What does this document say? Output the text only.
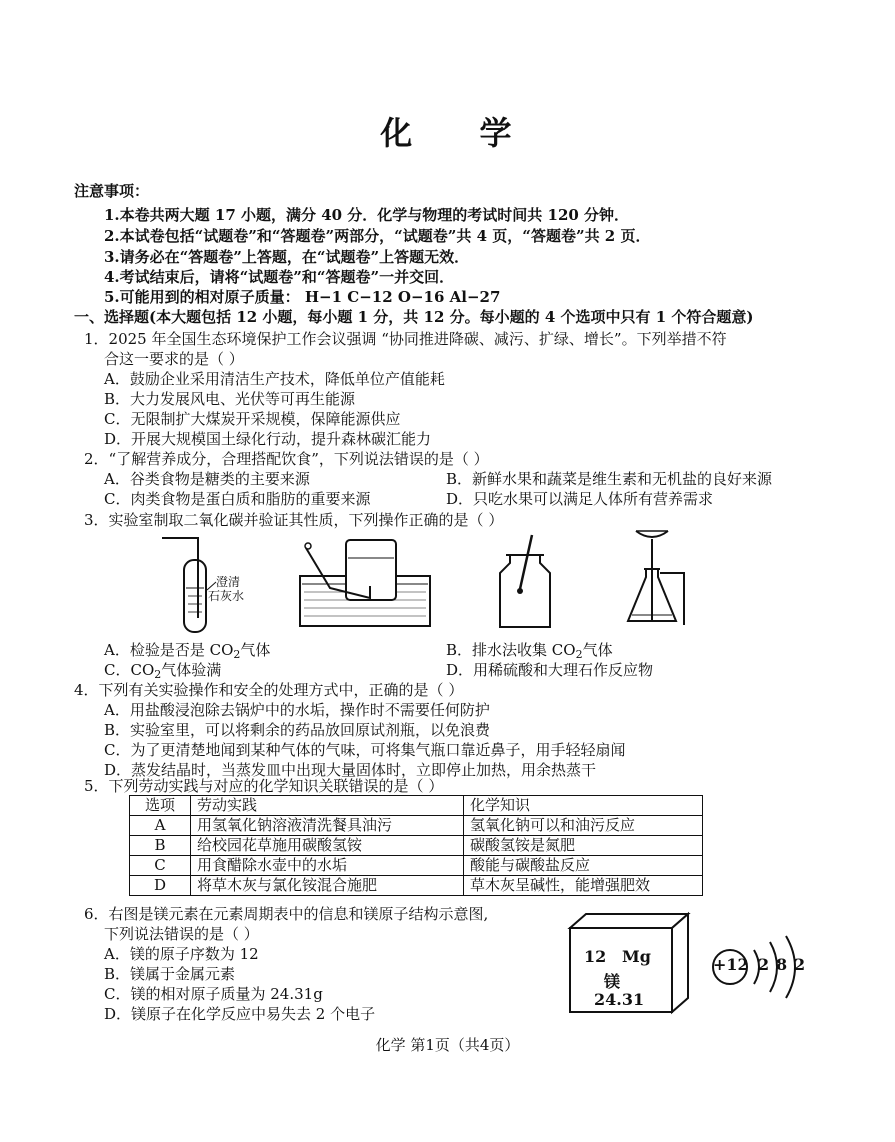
化 学
注意事项：
1.本卷共两大题 17 小题，满分 40 分．化学与物理的考试时间共 120 分钟．
2.本试卷包括“试题卷”和“答题卷”两部分，“试题卷”共 4 页，“答题卷”共 2 页．
3.请务必在“答题卷”上答题，在“试题卷”上答题无效．
4.考试结束后，请将“试题卷”和“答题卷”一并交回．
5.可能用到的相对原子质量： H−1 C−12 O−16 Al−27
一、选择题(本大题包括 12 小题，每小题 1 分，共 12 分。每小题的 4 个选项中只有 1 个符合题意)
1．2025 年全国生态环境保护工作会议强调 “协同推进降碳、减污、扩绿、增长”。下列举措不符
合这一要求的是（ ）
A．鼓励企业采用清洁生产技术，降低单位产值能耗
B．大力发展风电、光伏等可再生能源
C．无限制扩大煤炭开采规模，保障能源供应
D．开展大规模国土绿化行动，提升森林碳汇能力
2．“了解营养成分，合理搭配饮食”，下列说法错误的是（ ）
A．谷类食物是糖类的主要来源	B．新鲜水果和蔬菜是维生素和无机盐的良好来源
C．肉类食物是蛋白质和脂肪的重要来源	D．只吃水果可以满足人体所有营养需求
3．实验室制取二氧化碳并验证其性质，下列操作正确的是（ ）
澄清
石灰水
A．检验是否是 $CO_2$气体	B．排水法收集 $CO_2$气体
C．$CO_2$气体验满	D．用稀硫酸和大理石作反应物
4．下列有关实验操作和安全的处理方式中，正确的是（ ）
A．用盐酸浸泡除去锅炉中的水垢，操作时不需要任何防护
B．实验室里，可以将剩余的药品放回原试剂瓶，以免浪费
C．为了更清楚地闻到某种气体的气味，可将集气瓶口靠近鼻子，用手轻轻扇闻
D．蒸发结晶时，当蒸发皿中出现大量固体时，立即停止加热，用余热蒸干
5．下列劳动实践与对应的化学知识关联错误的是（ ）
选项	劳动实践	化学知识
A	用氢氧化钠溶液清洗餐具油污	氢氧化钠可以和油污反应
B	给校园花草施用碳酸氢铵	碳酸氢铵是氮肥
C	用食醋除水壶中的水垢	酸能与碳酸盐反应
D	将草木灰与氯化铵混合施肥	草木灰呈碱性，能增强肥效
6．右图是镁元素在元素周期表中的信息和镁原子结构示意图,
下列说法错误的是（ ）
A．镁的原子序数为 12
B．镁属于金属元素
C．镁的相对原子质量为 24.31g
D．镁原子在化学反应中易失去 2 个电子
12 Mg
镁
24.31
+12 2 8 2
化学 第1页（共4页）
